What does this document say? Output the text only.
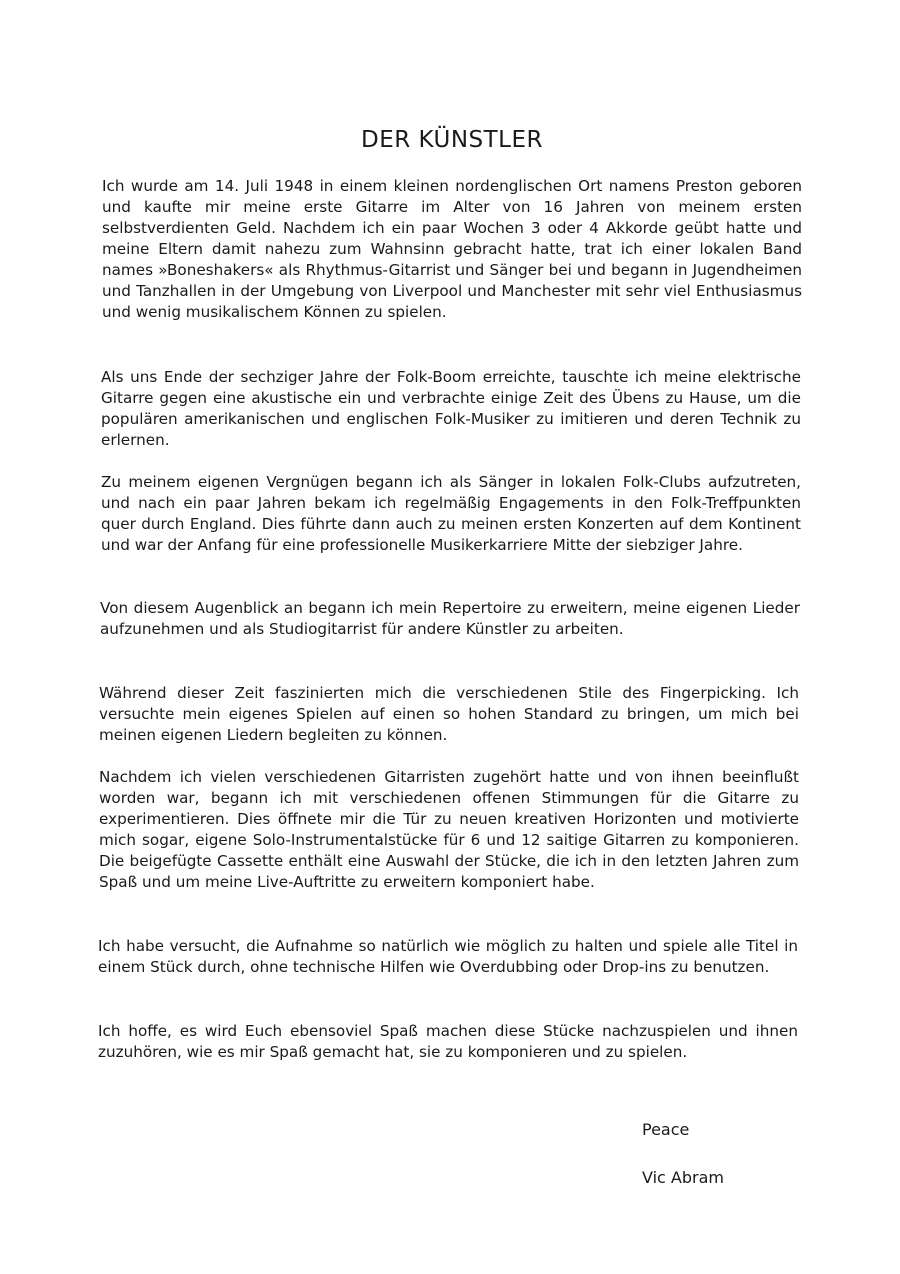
DER KÜNSTLER

Ich wurde am 14. Juli 1948 in einem kleinen nordenglischen Ort namens Preston geboren und kaufte mir meine erste Gitarre im Alter von 16 Jahren von meinem ersten selbstverdienten Geld. Nachdem ich ein paar Wochen 3 oder 4 Akkorde geübt hatte und meine Eltern damit nahezu zum Wahnsinn gebracht hatte, trat ich einer lokalen Band names »Boneshakers« als Rhythmus-Gitarrist und Sänger bei und begann in Jugendheimen und Tanzhallen in der Umgebung von Liverpool und Manchester mit sehr viel Enthusiasmus und wenig musikalischem Können zu spielen.

Als uns Ende der sechziger Jahre der Folk-Boom erreichte, tauschte ich meine elektrische Gitarre gegen eine akustische ein und verbrachte einige Zeit des Übens zu Hause, um die populären amerikanischen und englischen Folk-Musiker zu imitieren und deren Technik zu erlernen.

Zu meinem eigenen Vergnügen begann ich als Sänger in lokalen Folk-Clubs aufzutreten, und nach ein paar Jahren bekam ich regelmäßig Engagements in den Folk-Treffpunkten quer durch England. Dies führte dann auch zu meinen ersten Konzerten auf dem Kontinent und war der Anfang für eine professionelle Musikerkarriere Mitte der siebziger Jahre.

Von diesem Augenblick an begann ich mein Repertoire zu erweitern, meine eigenen Lieder aufzunehmen und als Studiogitarrist für andere Künstler zu arbeiten.

Während dieser Zeit faszinierten mich die verschiedenen Stile des Fingerpicking. Ich versuchte mein eigenes Spielen auf einen so hohen Standard zu bringen, um mich bei meinen eigenen Liedern begleiten zu können.

Nachdem ich vielen verschiedenen Gitarristen zugehört hatte und von ihnen beeinflußt worden war, begann ich mit verschiedenen offenen Stimmungen für die Gitarre zu experimentieren. Dies öffnete mir die Tür zu neuen kreativen Horizonten und motivierte mich sogar, eigene Solo-Instrumentalstücke für 6 und 12 saitige Gitarren zu komponieren. Die beigefügte Cassette enthält eine Auswahl der Stücke, die ich in den letzten Jahren zum Spaß und um meine Live-Auftritte zu erweitern komponiert habe.

Ich habe versucht, die Aufnahme so natürlich wie möglich zu halten und spiele alle Titel in einem Stück durch, ohne technische Hilfen wie Overdubbing oder Drop-ins zu benutzen.

Ich hoffe, es wird Euch ebensoviel Spaß machen diese Stücke nachzuspielen und ihnen zuzuhören, wie es mir Spaß gemacht hat, sie zu komponieren und zu spielen.

Peace

Vic Abram
